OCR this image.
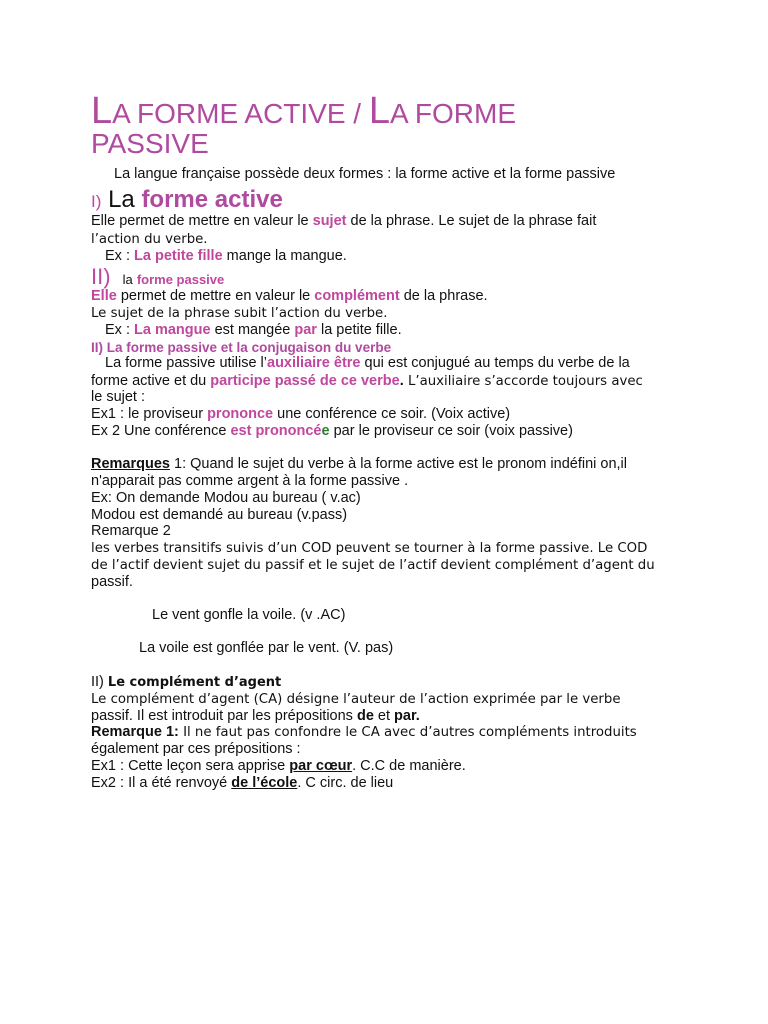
LA FORME ACTIVE / LA FORME
PASSIVE
La langue française possède deux formes : la forme active et la forme passive
I) La forme active
Elle permet de mettre en valeur le sujet de la phrase. Le sujet de la phrase fait
l’action du verbe.
Ex : La petite fille mange la mangue.
II) la forme passive
Elle permet de mettre en valeur le complément de la phrase.
Le sujet de la phrase subit l’action du verbe.
Ex : La mangue est mangée par la petite fille.
II) La forme passive et la conjugaison du verbe
La forme passive utilise l’auxiliaire être qui est conjugué au temps du verbe de la
forme active et du participe passé de ce verbe. L’auxiliaire s’accorde toujours avec
le sujet :
Ex1 : le proviseur prononce une conférence ce soir. (Voix active)
Ex 2 Une conférence est prononcée par le proviseur ce soir (voix passive)
Remarques 1: Quand le sujet du verbe à la forme active est le pronom indéfini on,il
n'apparait pas comme argent à la forme passive .
Ex: On demande Modou au bureau ( v.ac)
Modou est demandé au bureau (v.pass)
Remarque 2
les verbes transitifs suivis d’un COD peuvent se tourner à la forme passive. Le COD
de l’actif devient sujet du passif et le sujet de l’actif devient complément d’agent du
passif.
Le vent gonfle la voile. (v .AC)
La voile est gonflée par le vent. (V. pas)
II) Le complément d’agent
Le complément d’agent (CA) désigne l’auteur de l’action exprimée par le verbe
passif. Il est introduit par les prépositions de et par.
Remarque 1: Il ne faut pas confondre le CA avec d’autres compléments introduits
également par ces prépositions :
Ex1 : Cette leçon sera apprise par cœur. C.C de manière.
Ex2 : Il a été renvoyé de l’école. C circ. de lieu
